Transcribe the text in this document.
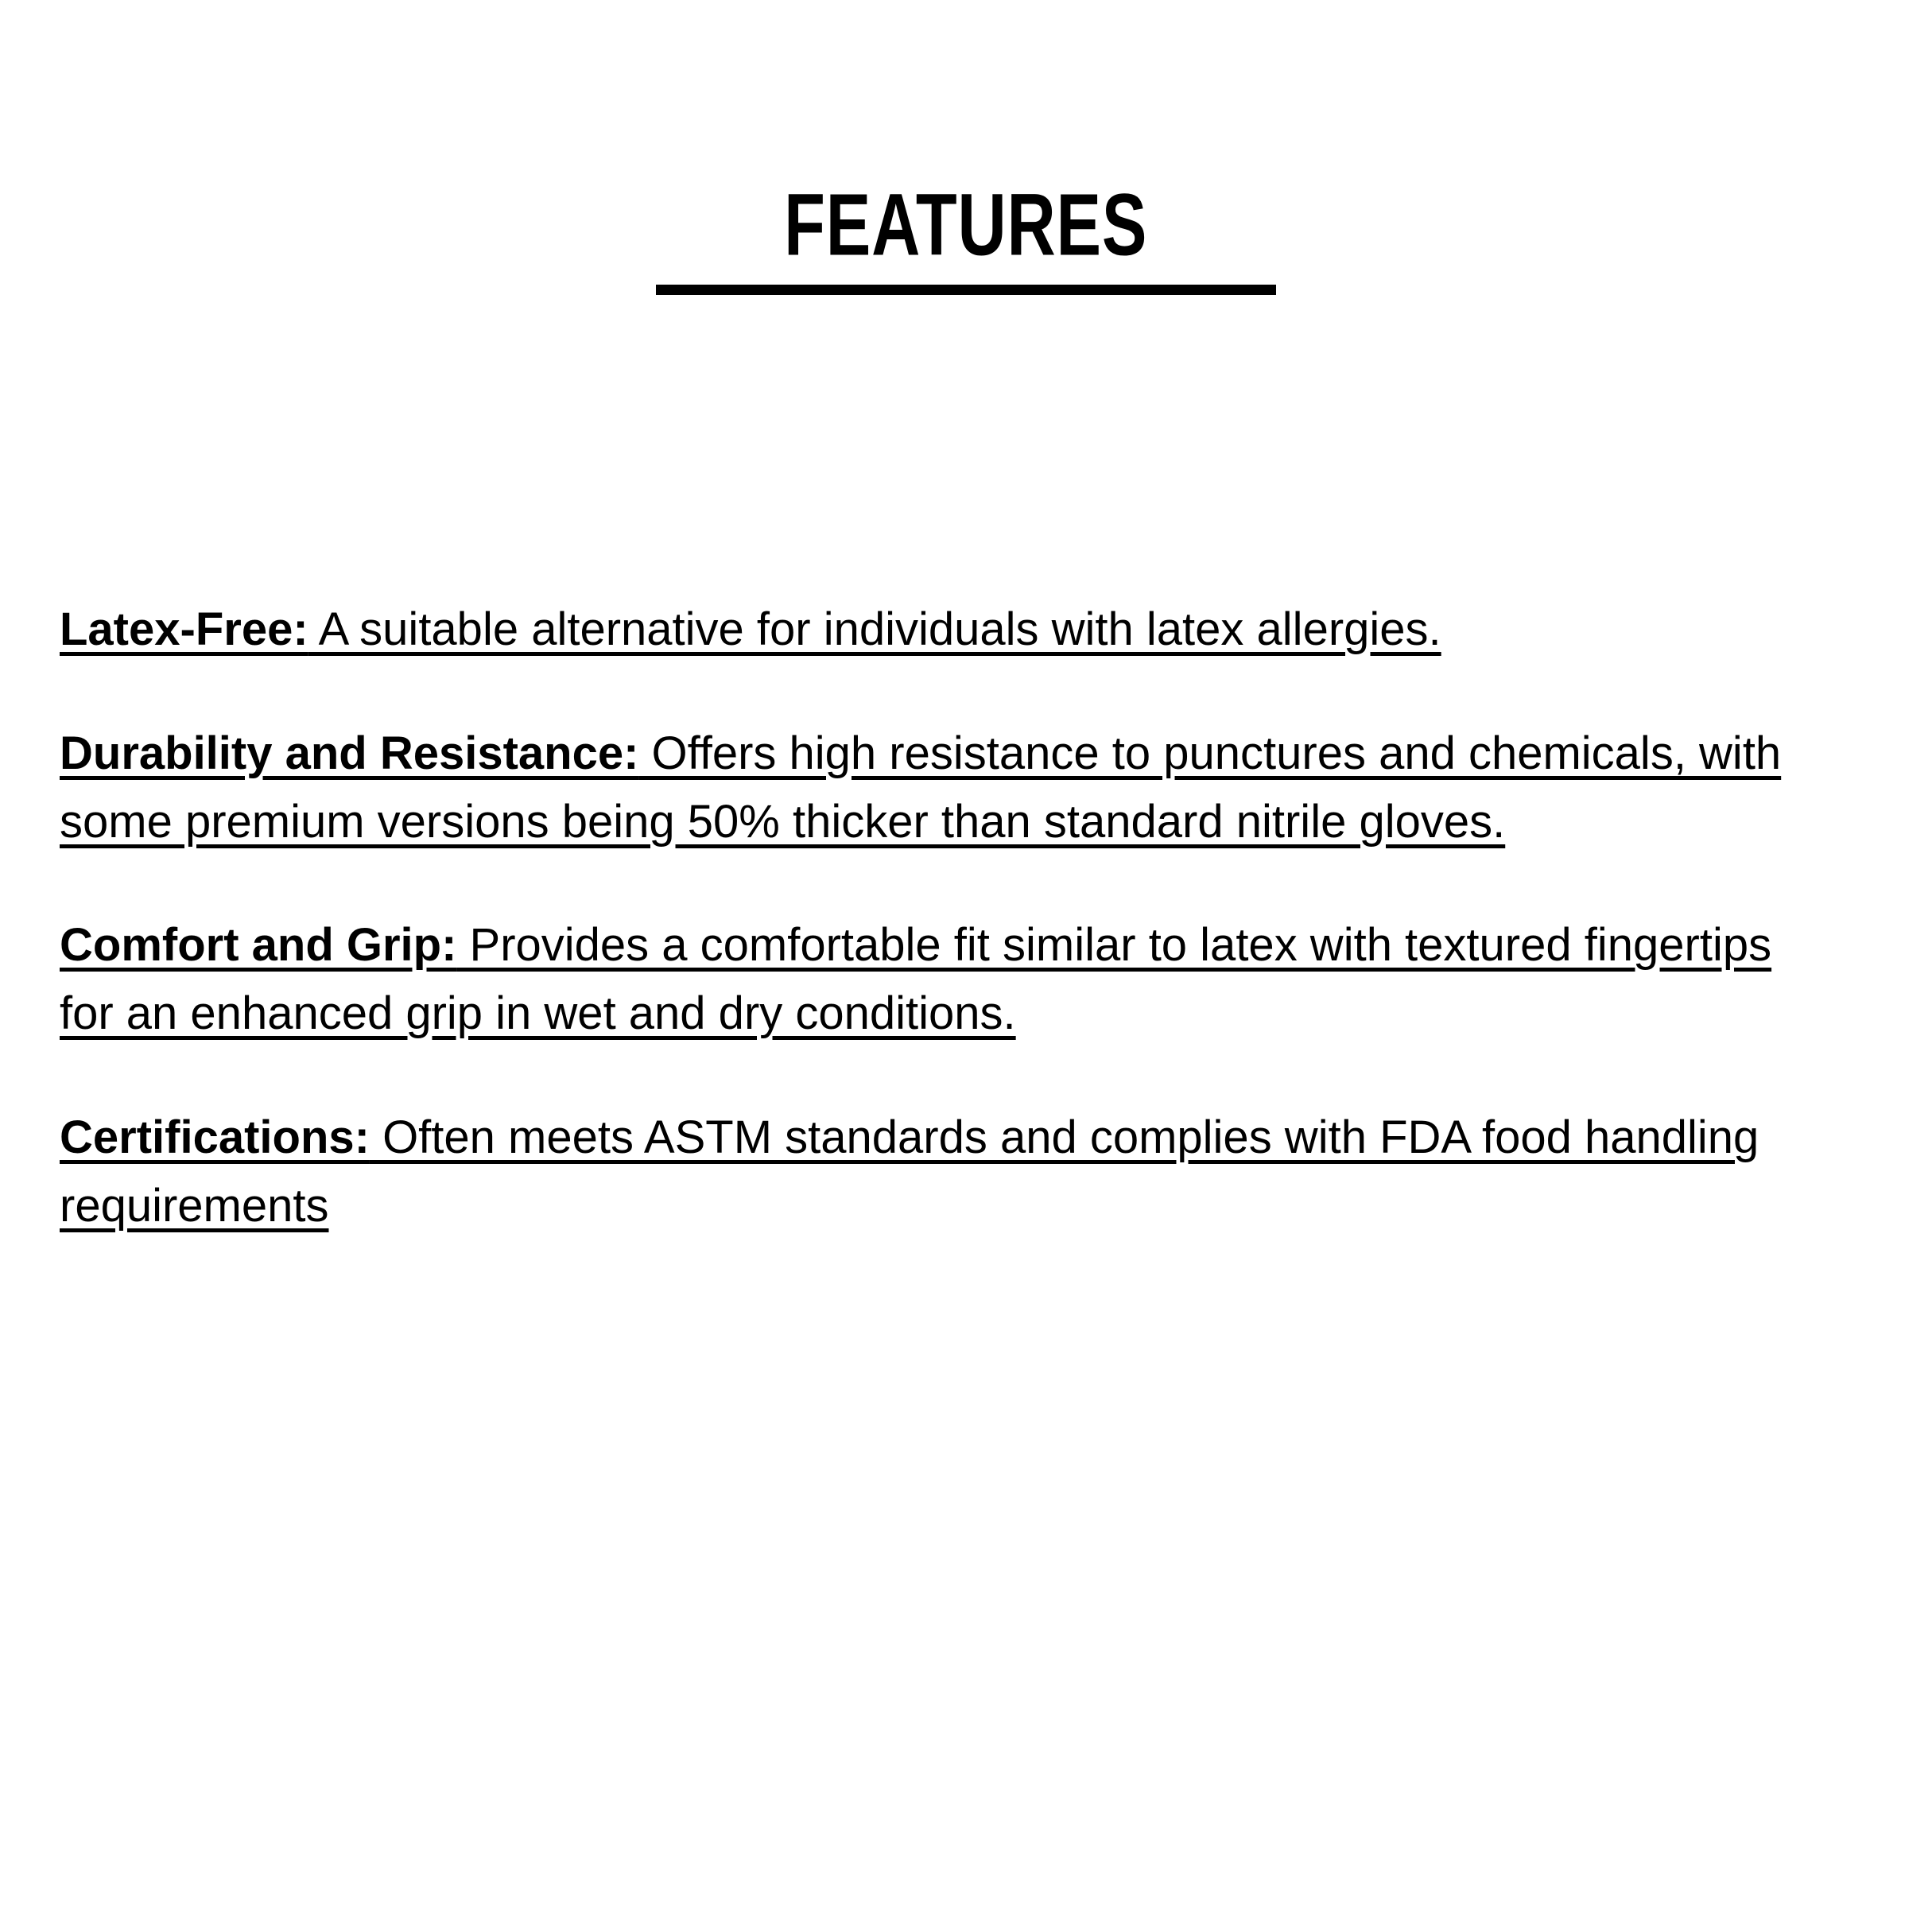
FEATURES

Latex-Free: A suitable alternative for individuals with latex allergies.

Durability and Resistance: Offers high resistance to punctures and chemicals, with some premium versions being 50% thicker than standard nitrile gloves.

Comfort and Grip: Provides a comfortable fit similar to latex with textured fingertips for an enhanced grip in wet and dry conditions.

Certifications: Often meets ASTM standards and complies with FDA food handling requirements
